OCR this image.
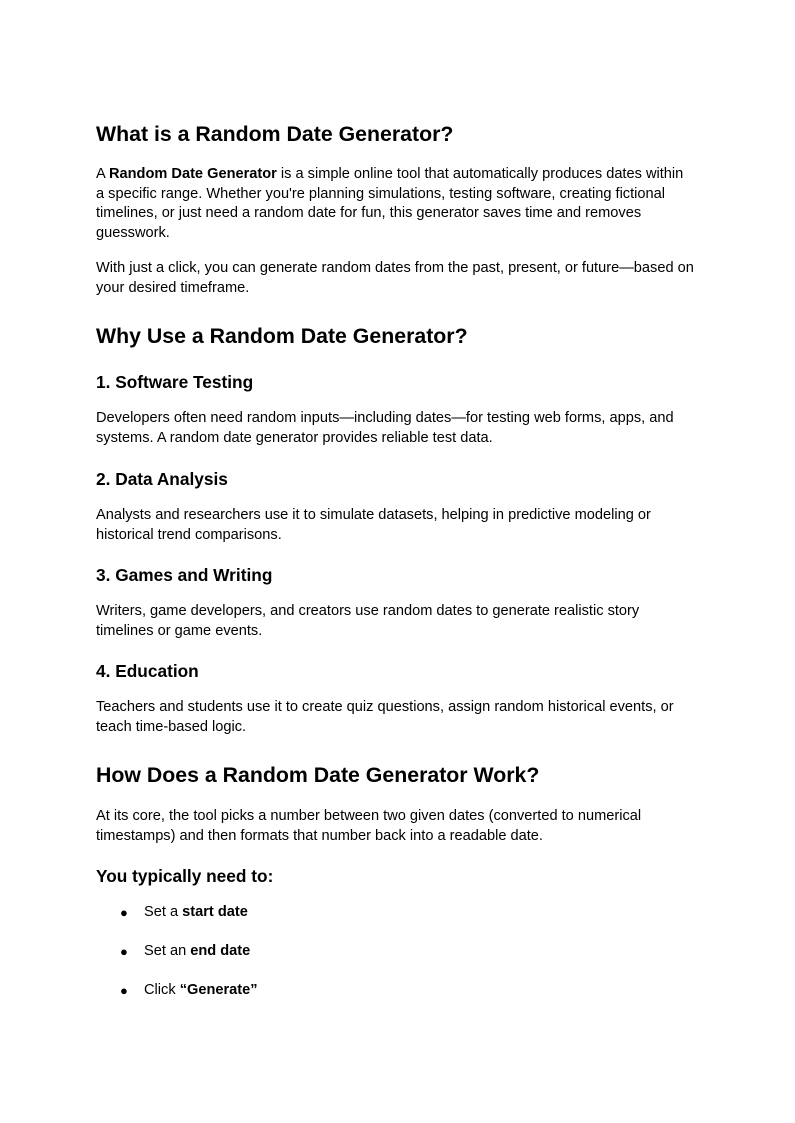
What is a Random Date Generator?

A Random Date Generator is a simple online tool that automatically produces dates within
a specific range. Whether you're planning simulations, testing software, creating fictional
timelines, or just need a random date for fun, this generator saves time and removes
guesswork.

With just a click, you can generate random dates from the past, present, or future—based on
your desired timeframe.

Why Use a Random Date Generator?
1. Software Testing

Developers often need random inputs—including dates—for testing web forms, apps, and
systems. A random date generator provides reliable test data.

2. Data Analysis

Analysts and researchers use it to simulate datasets, helping in predictive modeling or
historical trend comparisons.

3. Games and Writing

Writers, game developers, and creators use random dates to generate realistic story
timelines or game events.

4. Education

Teachers and students use it to create quiz questions, assign random historical events, or
teach time-based logic.

How Does a Random Date Generator Work?

At its core, the tool picks a number between two given dates (converted to numerical
timestamps) and then formats that number back into a readable date.

You typically need to:
● Set a start date
● Set an end date
● Click “Generate”
